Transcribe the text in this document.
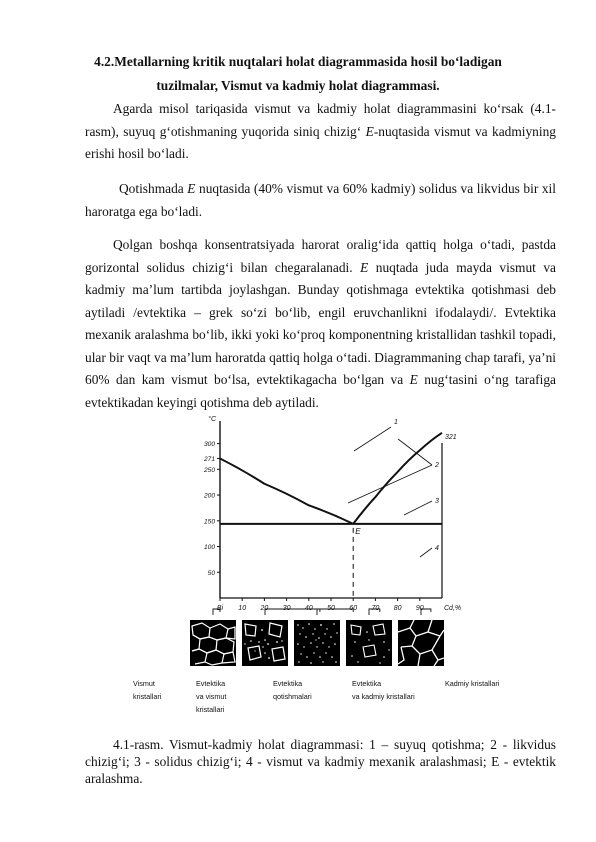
4.2.Metallarning kritik nuqtalari holat diagrammasida hosil bo‘ladigan
tuzilmalar, Vismut va kadmiy holat diagrammasi.
Agarda misol tariqasida vismut va kadmiy holat diagrammasini ko‘rsak (4.1-rasm), suyuq g‘otishmaning yuqorida siniq chizig‘ E-nuqtasida vismut va kadmiyning erishi hosil bo‘ladi.
Qotishmada E nuqtasida (40% vismut va 60% kadmiy) solidus va likvidus bir xil haroratga ega bo‘ladi.
Qolgan boshqa konsentratsiyada harorat oralig‘ida qattiq holga o‘tadi, pastda gorizontal solidus chizig‘i bilan chegaralanadi. E nuqtada juda mayda vismut va kadmiy ma’lum tartibda joylashgan. Bunday qotishmaga evtektika qotishmasi deb aytiladi /evtektika – grek so‘zi bo‘lib, engil eruvchanlikni ifodalaydi/. Evtektika mexanik aralashma bo‘lib, ikki yoki ko‘proq komponentning kristallidan tashkil topadi, ular bir vaqt va ma’lum haroratda qattiq holga o‘tadi. Diagrammaning chap tarafi, ya’ni 60% dan kam vismut bo‘lsa, evtektikagacha bo‘lgan va E nug‘tasini o‘ng tarafiga evtektikadan keyingi qotishma deb aytiladi.
°C
300
271
250
200
150
100
50
Bi 10 20 30 40 50 60 70 80 90	Cd,%
E
321
1
2
3
4
Vismut
kristallari
Evtektika
va vismut
kristallari
Evtektika
qotishmalari
Evtektika
va kadmiy kristallari
Kadmiy kristallari
4.1-rasm. Vismut-kadmiy holat diagrammasi: 1 – suyuq qotishma; 2 - likvidus chizig‘i; 3 - solidus chizig‘i; 4 - vismut va kadmiy mexanik aralashmasi; E - evtektik aralashma.
